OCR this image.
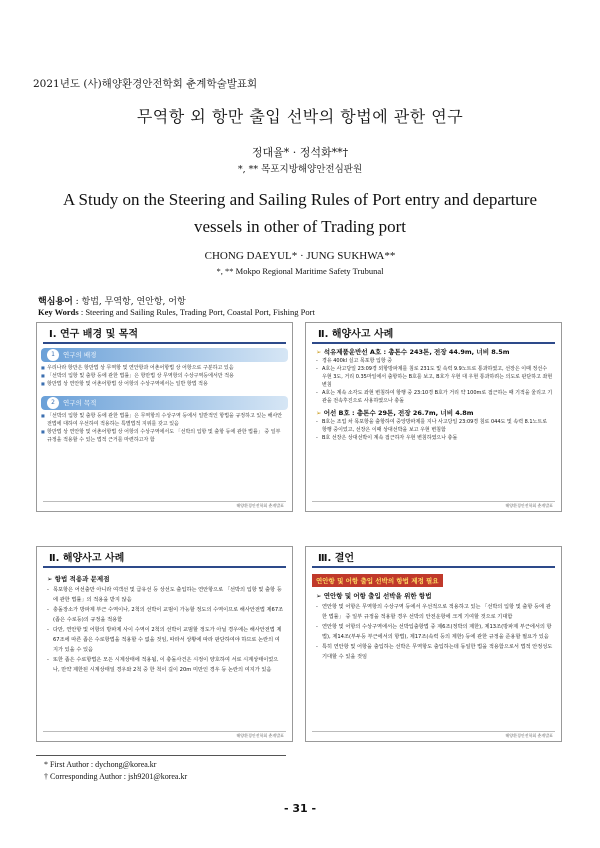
2021년도 (사)해양환경안전학회 춘계학술발표회
무역항 외 항만 출입 선박의 항법에 관한 연구
정대율* · 정석화**†
*, ** 목포지방해양안전심판원
A Study on the Steering and Sailing Rules of Port entry and departure vessels in other of Trading port
CHONG DAEYUL* · JUNG SUKHWA**
*, ** Mokpo Regional Maritime Safety Trubunal
핵심용어 : 항법, 무역항, 연안항, 어항
Key Words : Steering and Sailing Rules, Trading Port, Coastal Port, Fishing Port
Ⅰ. 연구 배경 및 목적
1 연구의 배경
■ 우리나라 항만은 항만법 상 무역항 및 연안항과 어촌어항법 상 어항으로 구분하고 있음
■ 「선박의 입항 및 출항 등에 관한 법률」은 항만법 상 무역항의 수상구역등에서만 적용
■ 항만법 상 연안항 및 어촌어항법 상 어항의 수상구역에서는 일반 항법 적용
2 연구의 목적
■ 「선박의 입항 및 출항 등에 관한 법률」은 무역항의 수상구역 등에서 일반적인 항법을 규정하고 있는 해사안전법에 대하여 우선하여 적용하는 특별법적 지위를 갖고 있음
■ 항만법 상 연안항 및 어촌어항법 상 어항의 수상구역에서도 「선박의 입항 및 출항 등에 관한 법률」 중 일부 규정을 적용할 수 있는 법적 근거를 마련하고자 함
해양환경안전학회 춘계발표
Ⅱ. 해양사고 사례
➢ 석유제품운반선 A호 : 총톤수 243톤, 전장 44.9m, 너비 8.5m
- 경유 400kl 실고 목포항 입항 중
- A호는 사고당일 23:09경 외항방파제를 침로 231도 및 속력 9.9노트로 통과하였고, 선장은 이때 정선수 우현 3도, 거리 0.35마일에서 출항하는 B호를 보고, B호가 우현 대 우현 통과하려는 의도로 판단하고 좌현 변침
- A호는 계속 소각도 좌현 변침하여 항행 중 23:10경 B호가 거리 약 100m로 접근하는 때 기적을 울리고 기관을 전속후진으로 사용하였으나 충돌
➢ 어선 B호 : 총톤수 29톤, 전장 26.7m, 너비 4.8m
- B호는 조업 차 목포항을 출항하여 중앙방파제를 지나 사고당일 23:09경 침로 044도 및 속력 8.1노트로 항행 중이었고, 선장은 이때 상대선박을 보고 우현 변침함
- B호 선장은 상대선박이 계속 접근하자 우현 변침하였으나 충돌
해양환경안전학회 춘계발표
Ⅱ. 해양사고 사례
➢ 항법 적용과 문제점
- 목포항은 어선출만 아니라 여객선 및 급유선 등 상선도 출입하는 연안항으로 「선박의 입항 및 출항 등에 관한 법률」의 적용을 받지 않음
- 충돌장소가 방파제 부근 수역이나, 2척의 선박이 교범이 가능할 정도의 수역이므로 해사안전법 제67조(좁은 수로등)의 규정을 적용함
- 다만, 연안항 및 어항의 방파제 사이 수역이 2척의 선박이 교범할 정도가 아닐 경우에는 해사안전법 제67조에 따른 좁은 수로항법을 적용할 수 없을 것임, 따라서 상황에 따라 판단하여야 하므로 논란의 여지가 있을 수 있음
- 또한 좁은 수로항법은 모든 시계상태에 적용됨, 이 충돌사건은 시정이 양호하여 서로 시계상태이었으나, 만약 제한된 시계상태일 경우와 2척 중 한 척이 길이 20m 미만인 경우 등 논란의 여지가 있음
해양환경안전학회 춘계발표
Ⅲ. 결언
연안항 및 어항 출입 선박의 항법 제정 필요
➢ 연안항 및 어항 출입 선박을 위한 항법
- 연안항 및 어항은 무역항의 수상구역 등에서 우선적으로 적용하고 있는 「선박의 입항 및 출항 등에 관한 법률」 중 일부 규정을 적용할 경우 선박의 안전운항에 크게 기여할 것으로 기대함
- 연안항 및 어항의 수상구역에서는 선박입출항법 중 제6조(정박의 제한), 제13조(방파제 부근에서의 항법), 제14조(부두등 부근에서의 항법), 제17조(속력 등의 제한) 등에 관한 규정을 준용할 필요가 있음
- 특히 연안항 및 어항을 출입하는 선박은 무역항도 출입하는데 동일한 법을 적용함으로서 법적 안정성도 기대할 수 있을 것임
해양환경안전학회 춘계발표
* First Author : dychong@korea.kr
† Corresponding Author : jsh9201@korea.kr
- 31 -
